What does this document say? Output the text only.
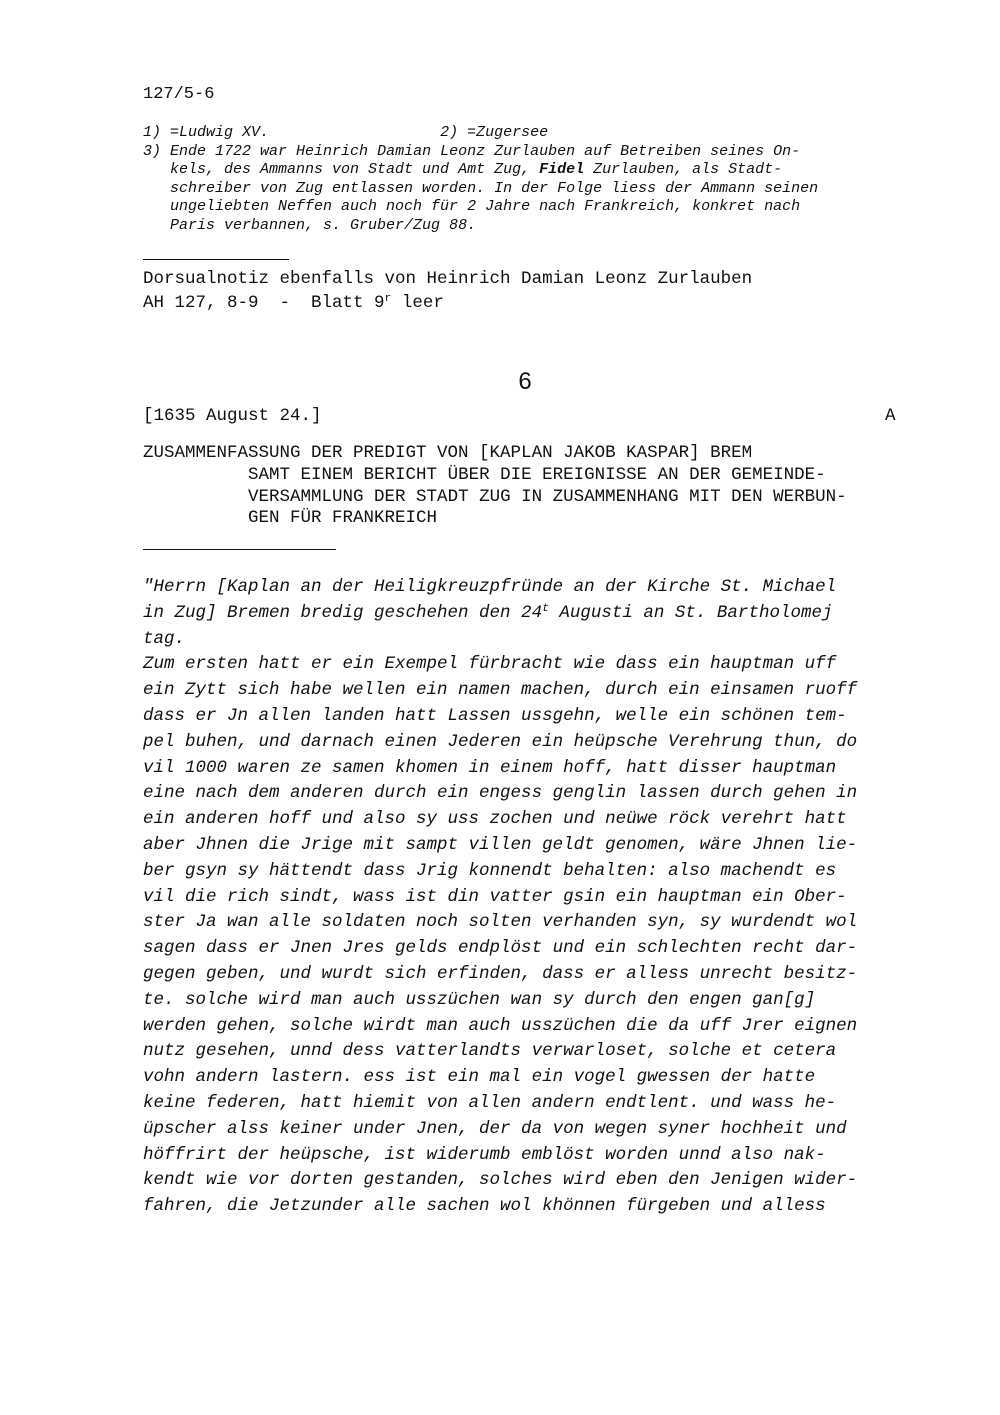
127/5-6
1) =Ludwig XV.	2) =Zugersee
3) Ende 1722 war Heinrich Damian Leonz Zurlauben auf Betreiben seines On-
kels, des Ammanns von Stadt und Amt Zug, Fidel Zurlauben, als Stadt-
schreiber von Zug entlassen worden. In der Folge liess der Ammann seinen
ungeliebten Neffen auch noch für 2 Jahre nach Frankreich, konkret nach
Paris verbannen, s. Gruber/Zug 88.
Dorsualnotiz ebenfalls von Heinrich Damian Leonz Zurlauben
AH 127, 8-9  -  Blatt 9$^r$ leer
6
[1635 August 24.]	A
ZUSAMMENFASSUNG DER PREDIGT VON [KAPLAN JAKOB KASPAR] BREM
SAMT EINEM BERICHT ÜBER DIE EREIGNISSE AN DER GEMEINDE-
VERSAMMLUNG DER STADT ZUG IN ZUSAMMENHANG MIT DEN WERBUN-
GEN FÜR FRANKREICH
"Herrn [Kaplan an der Heiligkreuzpfründe an der Kirche St. Michael
in Zug] Bremen bredig geschehen den 24$^t$ Augusti an St. Bartholomej
tag.
Zum ersten hatt er ein Exempel fürbracht wie dass ein hauptman uff
ein Zytt sich habe wellen ein namen machen, durch ein einsamen ruoff
dass er Jn allen landen hatt Lassen ussgehn, welle ein schönen tem-
pel buhen, und darnach einen Jederen ein heüpsche Verehrung thun, do
vil 1000 waren ze samen khomen in einem hoff, hatt disser hauptman
eine nach dem anderen durch ein engess genglin lassen durch gehen in
ein anderen hoff und also sy uss zochen und neüwe röck verehrt hatt
aber Jhnen die Jrige mit sampt villen geldt genomen, wäre Jhnen lie-
ber gsyn sy hättendt dass Jrig konnendt behalten: also machendt es
vil die rich sindt, wass ist din vatter gsin ein hauptman ein Ober-
ster Ja wan alle soldaten noch solten verhanden syn, sy wurdendt wol
sagen dass er Jnen Jres gelds endplöst und ein schlechten recht dar-
gegen geben, und wurdt sich erfinden, dass er alless unrecht besitz-
te. solche wird man auch usszüchen wan sy durch den engen gan[g]
werden gehen, solche wirdt man auch usszüchen die da uff Jrer eignen
nutz gesehen, unnd dess vatterlandts verwarloset, solche et cetera
vohn andern lastern. ess ist ein mal ein vogel gwessen der hatte
keine federen, hatt hiemit von allen andern endtlent. und wass he-
üpscher alss keiner under Jnen, der da von wegen syner hochheit und
höffrirt der heüpsche, ist widerumb emblöst worden unnd also nak-
kendt wie vor dorten gestanden, solches wird eben den Jenigen wider-
fahren, die Jetzunder alle sachen wol khönnen fürgeben und alless
